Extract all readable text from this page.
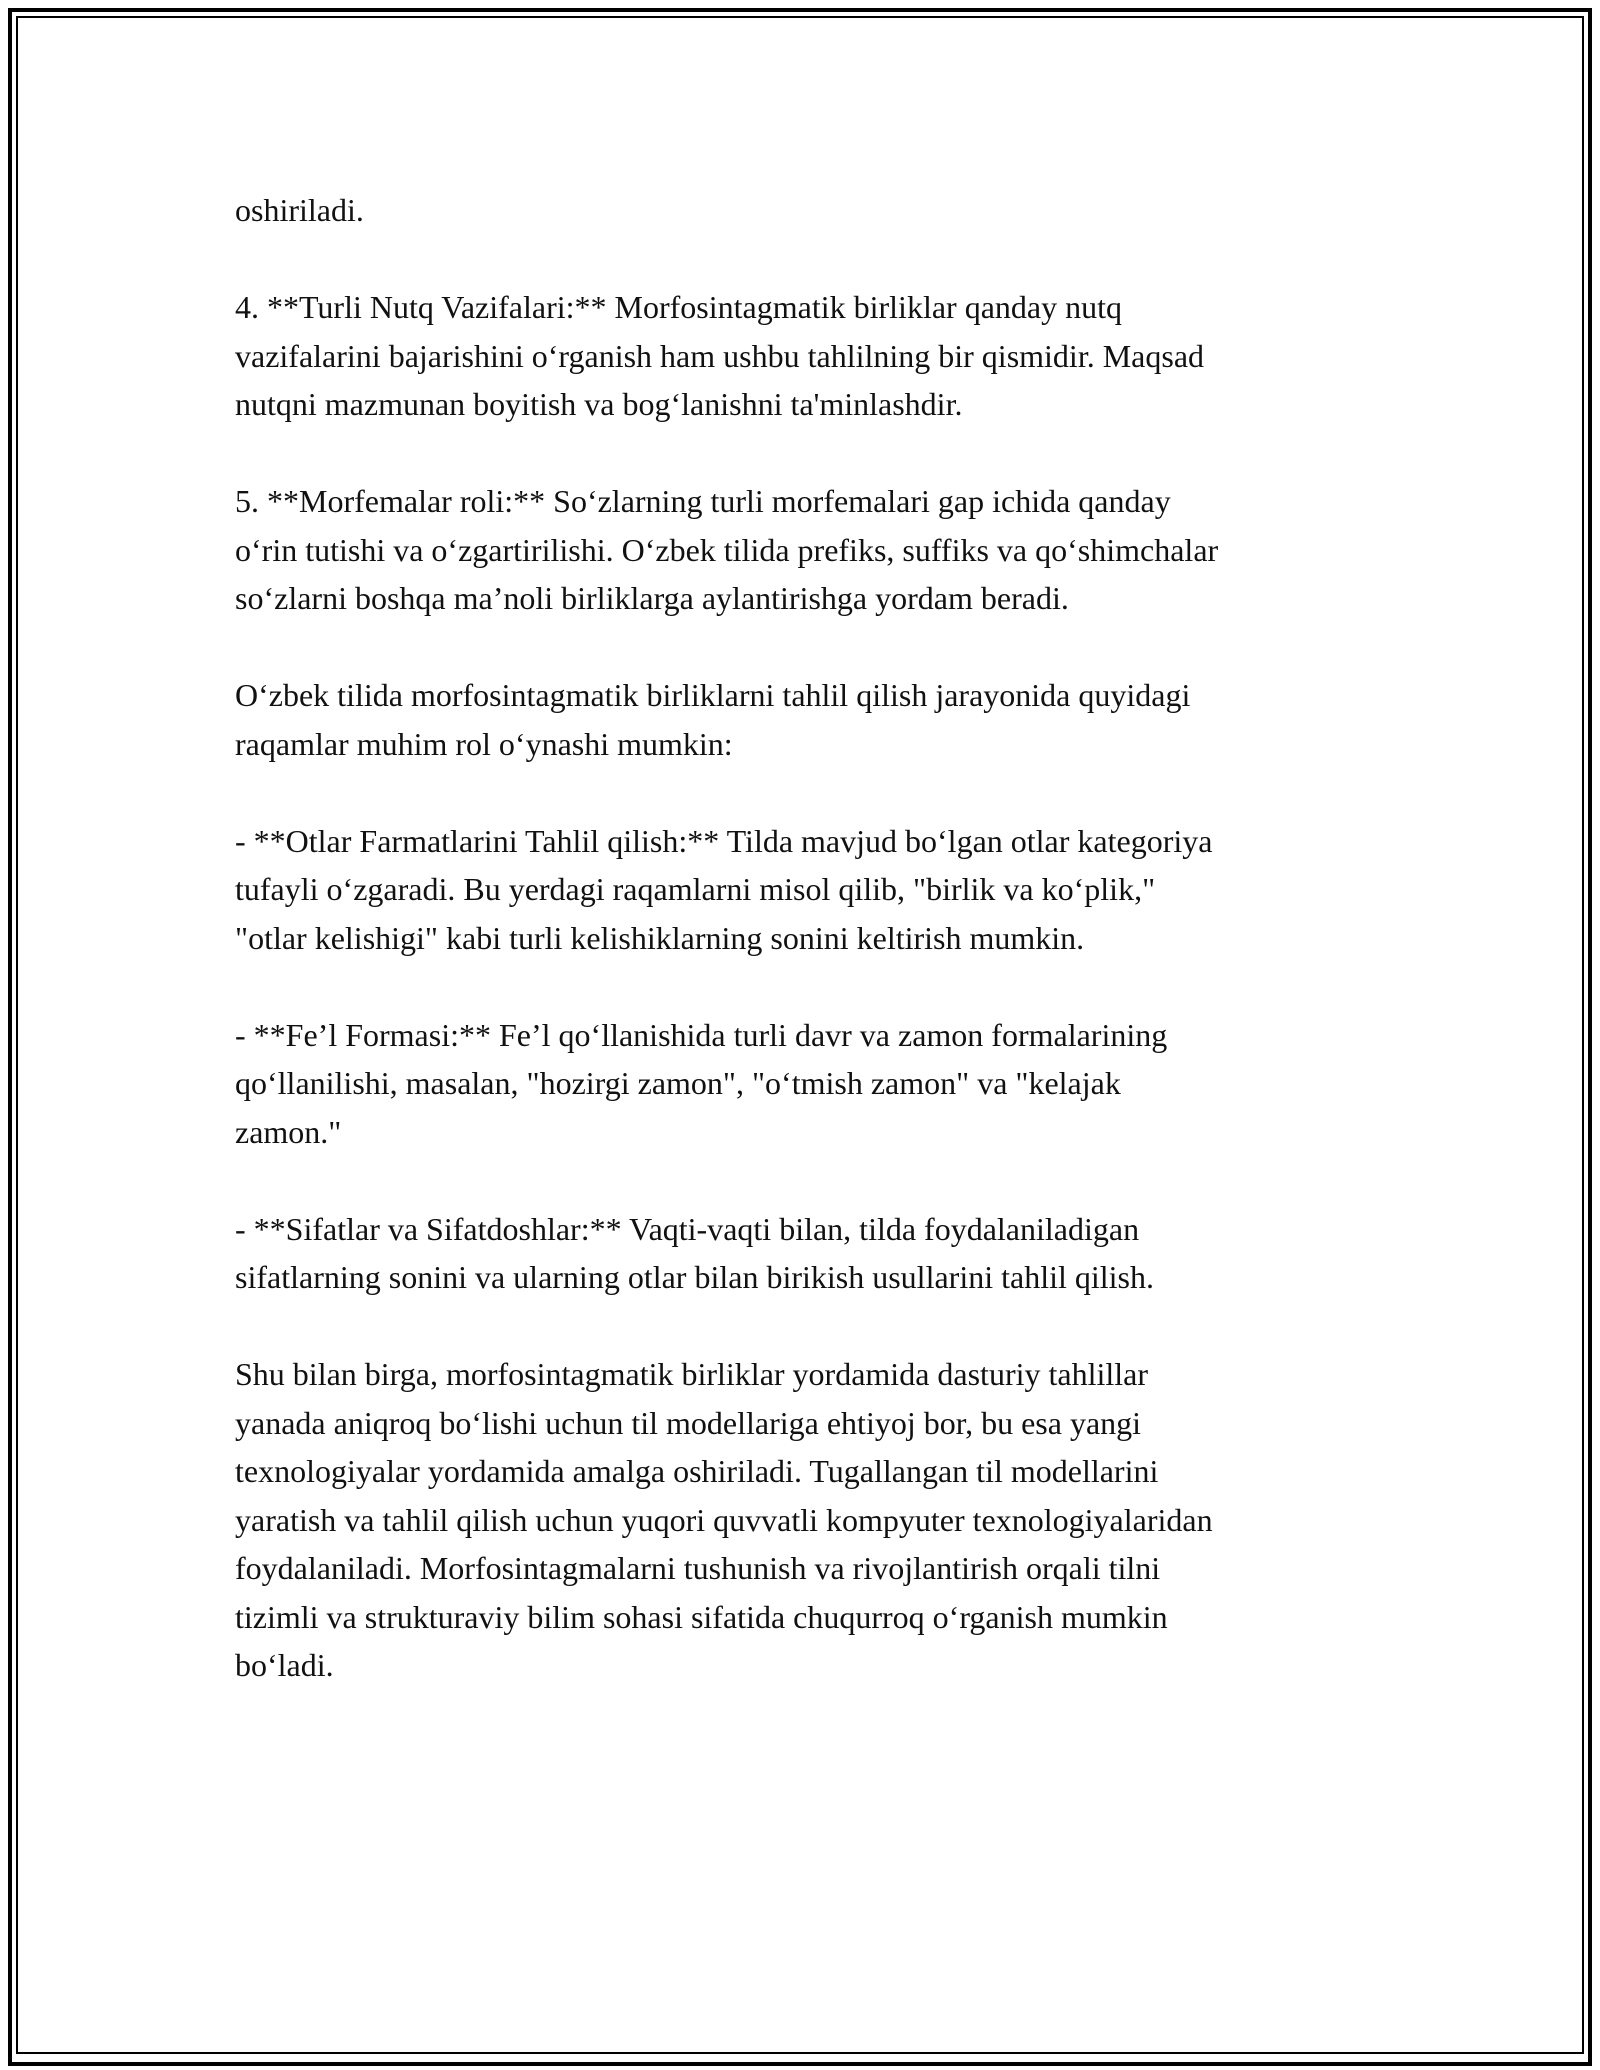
oshiriladi.

4. **Turli Nutq Vazifalari:** Morfosintagmatik birliklar qanday nutq
vazifalarini bajarishini o‘rganish ham ushbu tahlilning bir qismidir. Maqsad
nutqni mazmunan boyitish va bog‘lanishni ta'minlashdir.

5. **Morfemalar roli:** So‘zlarning turli morfemalari gap ichida qanday
o‘rin tutishi va o‘zgartirilishi. O‘zbek tilida prefiks, suffiks va qo‘shimchalar
so‘zlarni boshqa ma’noli birliklarga aylantirishga yordam beradi.

O‘zbek tilida morfosintagmatik birliklarni tahlil qilish jarayonida quyidagi
raqamlar muhim rol o‘ynashi mumkin:

- **Otlar Farmatlarini Tahlil qilish:** Tilda mavjud bo‘lgan otlar kategoriya
tufayli o‘zgaradi. Bu yerdagi raqamlarni misol qilib, "birlik va ko‘plik,"
"otlar kelishigi" kabi turli kelishiklarning sonini keltirish mumkin.

- **Fe’l Formasi:** Fe’l qo‘llanishida turli davr va zamon formalarining
qo‘llanilishi, masalan, "hozirgi zamon", "o‘tmish zamon" va "kelajak
zamon."

- **Sifatlar va Sifatdoshlar:** Vaqti-vaqti bilan, tilda foydalaniladigan
sifatlarning sonini va ularning otlar bilan birikish usullarini tahlil qilish.

Shu bilan birga, morfosintagmatik birliklar yordamida dasturiy tahlillar
yanada aniqroq bo‘lishi uchun til modellariga ehtiyoj bor, bu esa yangi
texnologiyalar yordamida amalga oshiriladi. Tugallangan til modellarini
yaratish va tahlil qilish uchun yuqori quvvatli kompyuter texnologiyalaridan
foydalaniladi. Morfosintagmalarni tushunish va rivojlantirish orqali tilni
tizimli va strukturaviy bilim sohasi sifatida chuqurroq o‘rganish mumkin
bo‘ladi.
